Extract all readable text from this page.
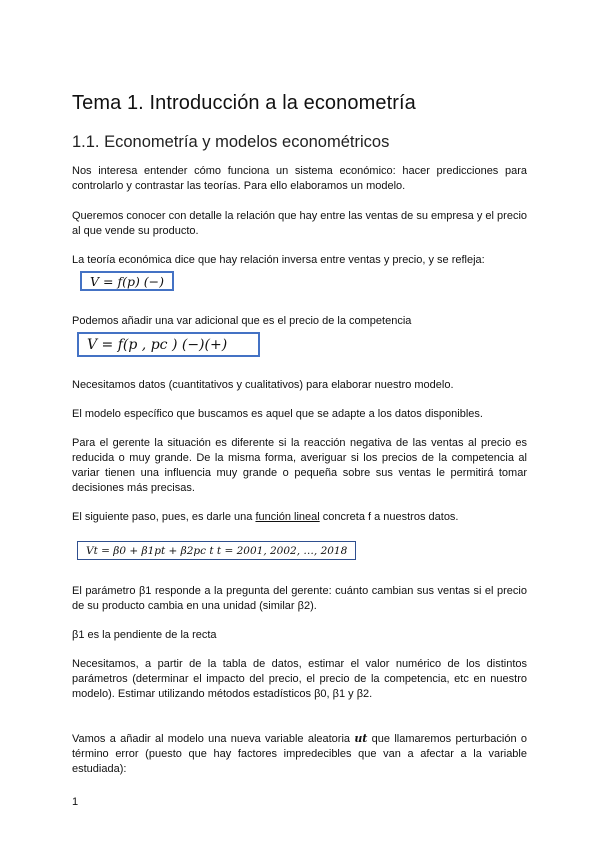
Tema 1. Introducción a la econometría
1.1. Econometría y modelos econométricos
Nos interesa entender cómo funciona un sistema económico: hacer predicciones para controlarlo y contrastar las teorías. Para ello elaboramos un modelo.
Queremos conocer con detalle la relación que hay entre las ventas de su empresa y el precio al que vende su producto.
La teoría económica dice que hay relación inversa entre ventas y precio, y se refleja:
V = f(p) (−)
Podemos añadir una var adicional que es el precio de la competencia
V = f(p , pc ) (−)(+)
Necesitamos datos (cuantitativos y cualitativos) para elaborar nuestro modelo.
El modelo específico que buscamos es aquel que se adapte a los datos disponibles.
Para el gerente la situación es diferente si la reacción negativa de las ventas al precio es reducida o muy grande. De la misma forma, averiguar si los precios de la competencia al variar tienen una influencia muy grande o pequeña sobre sus ventas le permitirá tomar decisiones más precisas.
El siguiente paso, pues, es darle una función lineal concreta f a nuestros datos.
Vt = β0 + β1pt + β2pc t t = 2001, 2002, …, 2018
El parámetro β1 responde a la pregunta del gerente: cuánto cambian sus ventas si el precio de su producto cambia en una unidad (similar β2).
β1 es la pendiente de la recta
Necesitamos, a partir de la tabla de datos, estimar el valor numérico de los distintos parámetros (determinar el impacto del precio, el precio de la competencia, etc en nuestro modelo). Estimar utilizando métodos estadísticos β0, β1 y β2.
Vamos a añadir al modelo una nueva variable aleatoria ut que llamaremos perturbación o término error (puesto que hay factores impredecibles que van a afectar a la variable estudiada):
1
